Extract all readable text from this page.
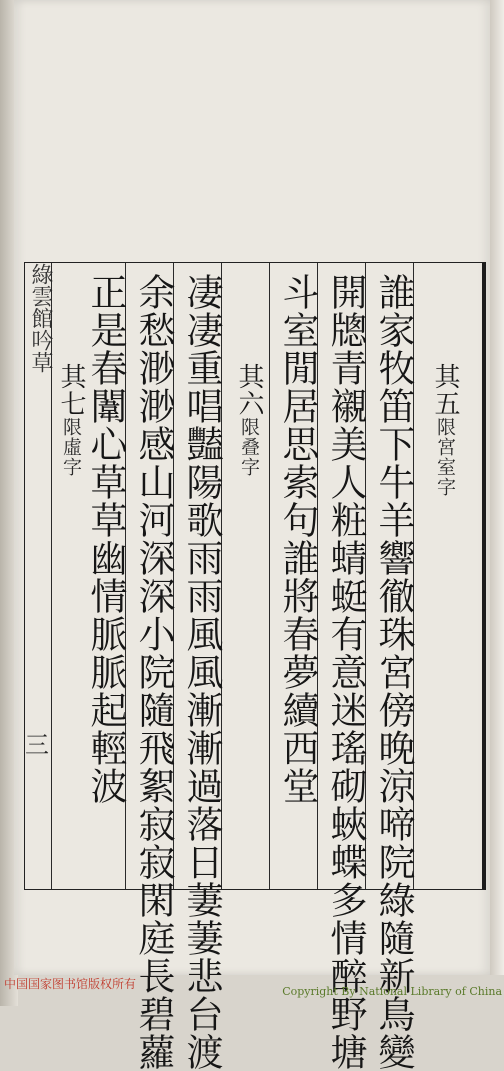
綠雲館吟草
三
其五限宮室字
誰家牧笛下牛羊響徹珠宮傍晚涼啼院綠隨新鳥變
開牕青襯美人粧蜻蜓有意迷瑤砌蛺蝶多情醉野塘
斗室閒居思索句誰將春夢續西堂
其六限叠字
凄凄重唱豔陽歌雨雨風風漸漸過落日萋萋悲台渡
余愁渺渺感山河深深小院隨飛絮寂寂閑庭長碧蘿
正是春闈心草草幽情脈脈起輕波
其七限虛字
中国国家图书馆版权所有
Copyright By National Library of China
